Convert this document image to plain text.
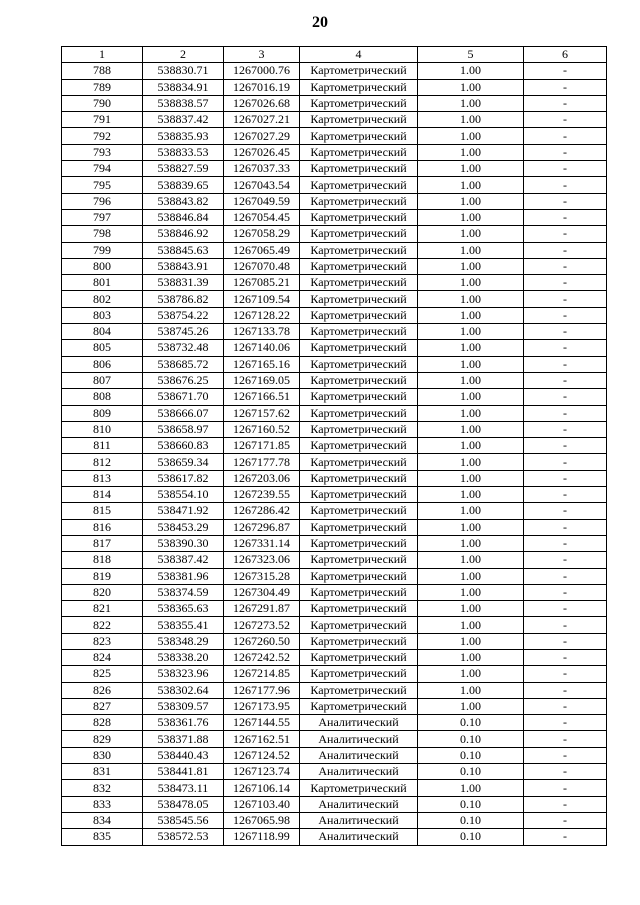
20
1	2	3	4	5	6
788	538830.71	1267000.76	Картометрический	1.00	-
789	538834.91	1267016.19	Картометрический	1.00	-
790	538838.57	1267026.68	Картометрический	1.00	-
791	538837.42	1267027.21	Картометрический	1.00	-
792	538835.93	1267027.29	Картометрический	1.00	-
793	538833.53	1267026.45	Картометрический	1.00	-
794	538827.59	1267037.33	Картометрический	1.00	-
795	538839.65	1267043.54	Картометрический	1.00	-
796	538843.82	1267049.59	Картометрический	1.00	-
797	538846.84	1267054.45	Картометрический	1.00	-
798	538846.92	1267058.29	Картометрический	1.00	-
799	538845.63	1267065.49	Картометрический	1.00	-
800	538843.91	1267070.48	Картометрический	1.00	-
801	538831.39	1267085.21	Картометрический	1.00	-
802	538786.82	1267109.54	Картометрический	1.00	-
803	538754.22	1267128.22	Картометрический	1.00	-
804	538745.26	1267133.78	Картометрический	1.00	-
805	538732.48	1267140.06	Картометрический	1.00	-
806	538685.72	1267165.16	Картометрический	1.00	-
807	538676.25	1267169.05	Картометрический	1.00	-
808	538671.70	1267166.51	Картометрический	1.00	-
809	538666.07	1267157.62	Картометрический	1.00	-
810	538658.97	1267160.52	Картометрический	1.00	-
811	538660.83	1267171.85	Картометрический	1.00	-
812	538659.34	1267177.78	Картометрический	1.00	-
813	538617.82	1267203.06	Картометрический	1.00	-
814	538554.10	1267239.55	Картометрический	1.00	-
815	538471.92	1267286.42	Картометрический	1.00	-
816	538453.29	1267296.87	Картометрический	1.00	-
817	538390.30	1267331.14	Картометрический	1.00	-
818	538387.42	1267323.06	Картометрический	1.00	-
819	538381.96	1267315.28	Картометрический	1.00	-
820	538374.59	1267304.49	Картометрический	1.00	-
821	538365.63	1267291.87	Картометрический	1.00	-
822	538355.41	1267273.52	Картометрический	1.00	-
823	538348.29	1267260.50	Картометрический	1.00	-
824	538338.20	1267242.52	Картометрический	1.00	-
825	538323.96	1267214.85	Картометрический	1.00	-
826	538302.64	1267177.96	Картометрический	1.00	-
827	538309.57	1267173.95	Картометрический	1.00	-
828	538361.76	1267144.55	Аналитический	0.10	-
829	538371.88	1267162.51	Аналитический	0.10	-
830	538440.43	1267124.52	Аналитический	0.10	-
831	538441.81	1267123.74	Аналитический	0.10	-
832	538473.11	1267106.14	Картометрический	1.00	-
833	538478.05	1267103.40	Аналитический	0.10	-
834	538545.56	1267065.98	Аналитический	0.10	-
835	538572.53	1267118.99	Аналитический	0.10	-
